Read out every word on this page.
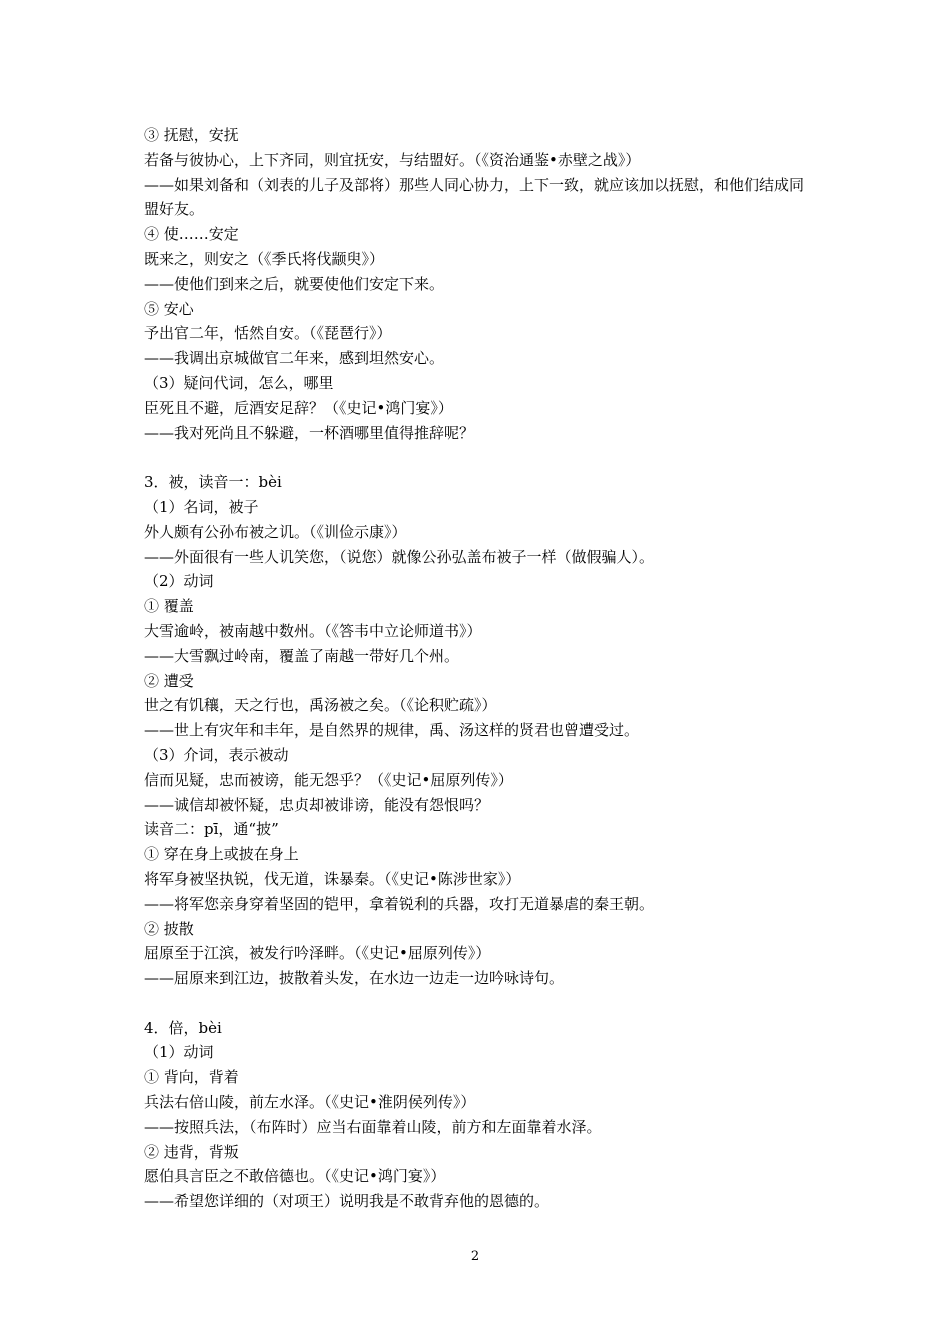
③ 抚慰，安抚
若备与彼协心，上下齐同，则宜抚安，与结盟好。（《资治通鉴•赤壁之战》）
——如果刘备和（刘表的儿子及部将）那些人同心协力，上下一致，就应该加以抚慰，和他们结成同盟好友。
④ 使……安定
既来之，则安之（《季氏将伐颛臾》）
——使他们到来之后，就要使他们安定下来。
⑤ 安心
予出官二年，恬然自安。（《琵琶行》）
——我调出京城做官二年来，感到坦然安心。
（3）疑问代词，怎么，哪里
臣死且不避，卮酒安足辞？（《史记•鸿门宴》）
——我对死尚且不躲避，一杯酒哪里值得推辞呢？
3．被，读音一：bèi
（1）名词，被子
外人颇有公孙布被之讥。（《训俭示康》）
——外面很有一些人讥笑您，（说您）就像公孙弘盖布被子一样（做假骗人）。
（2）动词
① 覆盖
大雪逾岭，被南越中数州。（《答韦中立论师道书》）
——大雪飘过岭南，覆盖了南越一带好几个州。
② 遭受
世之有饥穰，天之行也，禹汤被之矣。（《论积贮疏》）
——世上有灾年和丰年，是自然界的规律，禹、汤这样的贤君也曾遭受过。
（3）介词，表示被动
信而见疑，忠而被谤，能无怨乎？（《史记•屈原列传》）
——诚信却被怀疑，忠贞却被诽谤，能没有怨恨吗？
读音二：pī，通“披”
① 穿在身上或披在身上
将军身被坚执锐，伐无道，诛暴秦。（《史记•陈涉世家》）
——将军您亲身穿着坚固的铠甲，拿着锐利的兵器，攻打无道暴虐的秦王朝。
② 披散
屈原至于江滨，被发行吟泽畔。（《史记•屈原列传》）
——屈原来到江边，披散着头发，在水边一边走一边吟咏诗句。
4．倍，bèi
（1）动词
① 背向，背着
兵法右倍山陵，前左水泽。（《史记•淮阴侯列传》）
——按照兵法，（布阵时）应当右面靠着山陵，前方和左面靠着水泽。
② 违背，背叛
愿伯具言臣之不敢倍德也。（《史记•鸿门宴》）
——希望您详细的（对项王）说明我是不敢背弃他的恩德的。
2
